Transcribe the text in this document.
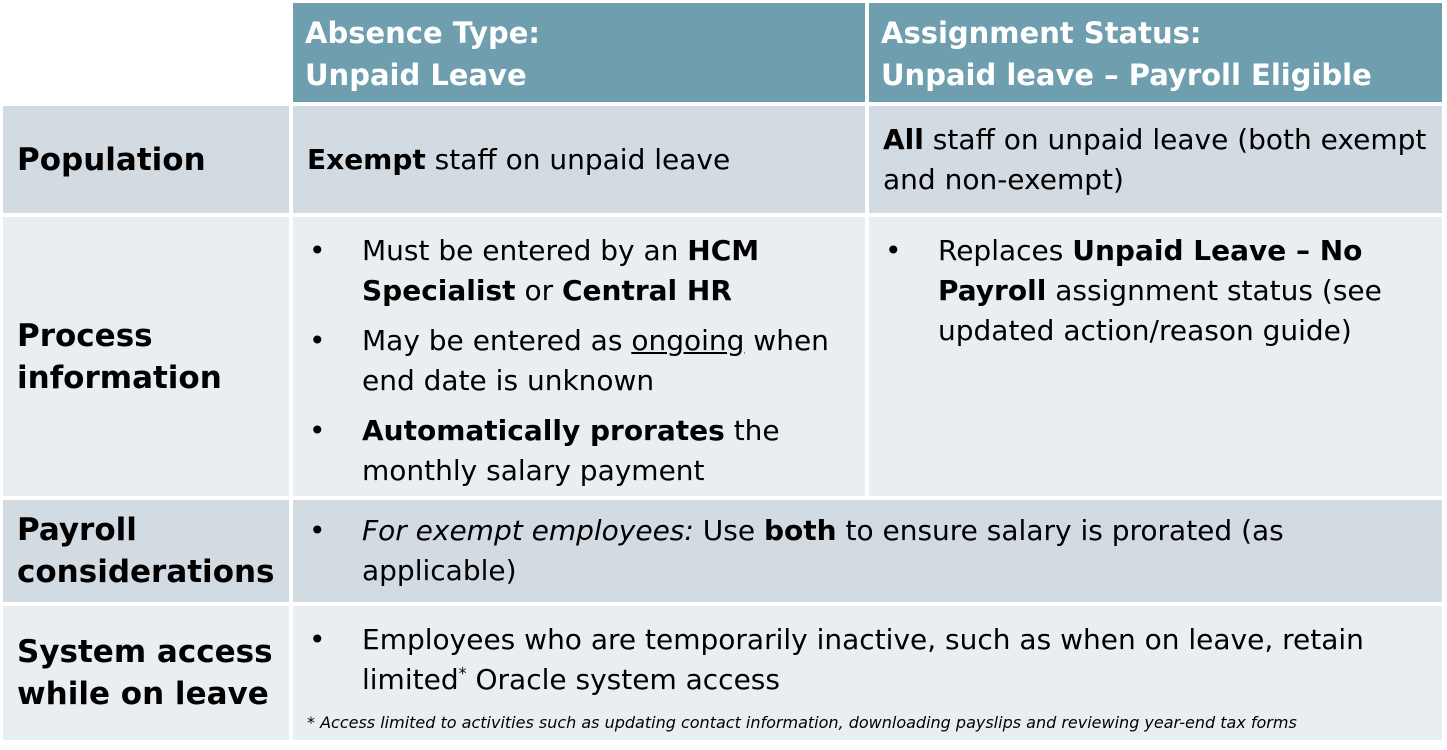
Absence Type:
Unpaid Leave
Assignment Status:
Unpaid leave – Payroll Eligible
Population	Exempt staff on unpaid leave
All staff on unpaid leave (both exempt and non-exempt)
Process
information
• Must be entered by an HCM Specialist or Central HR
• May be entered as ongoing when end date is unknown
• Automatically prorates the monthly salary payment
• Replaces Unpaid Leave – No Payroll assignment status (see updated action/reason guide)
Payroll
considerations
• For exempt employees: Use both to ensure salary is prorated (as applicable)
System access
while on leave
• Employees who are temporarily inactive, such as when on leave, retain limited* Oracle system access
* Access limited to activities such as updating contact information, downloading payslips and reviewing year-end tax forms
